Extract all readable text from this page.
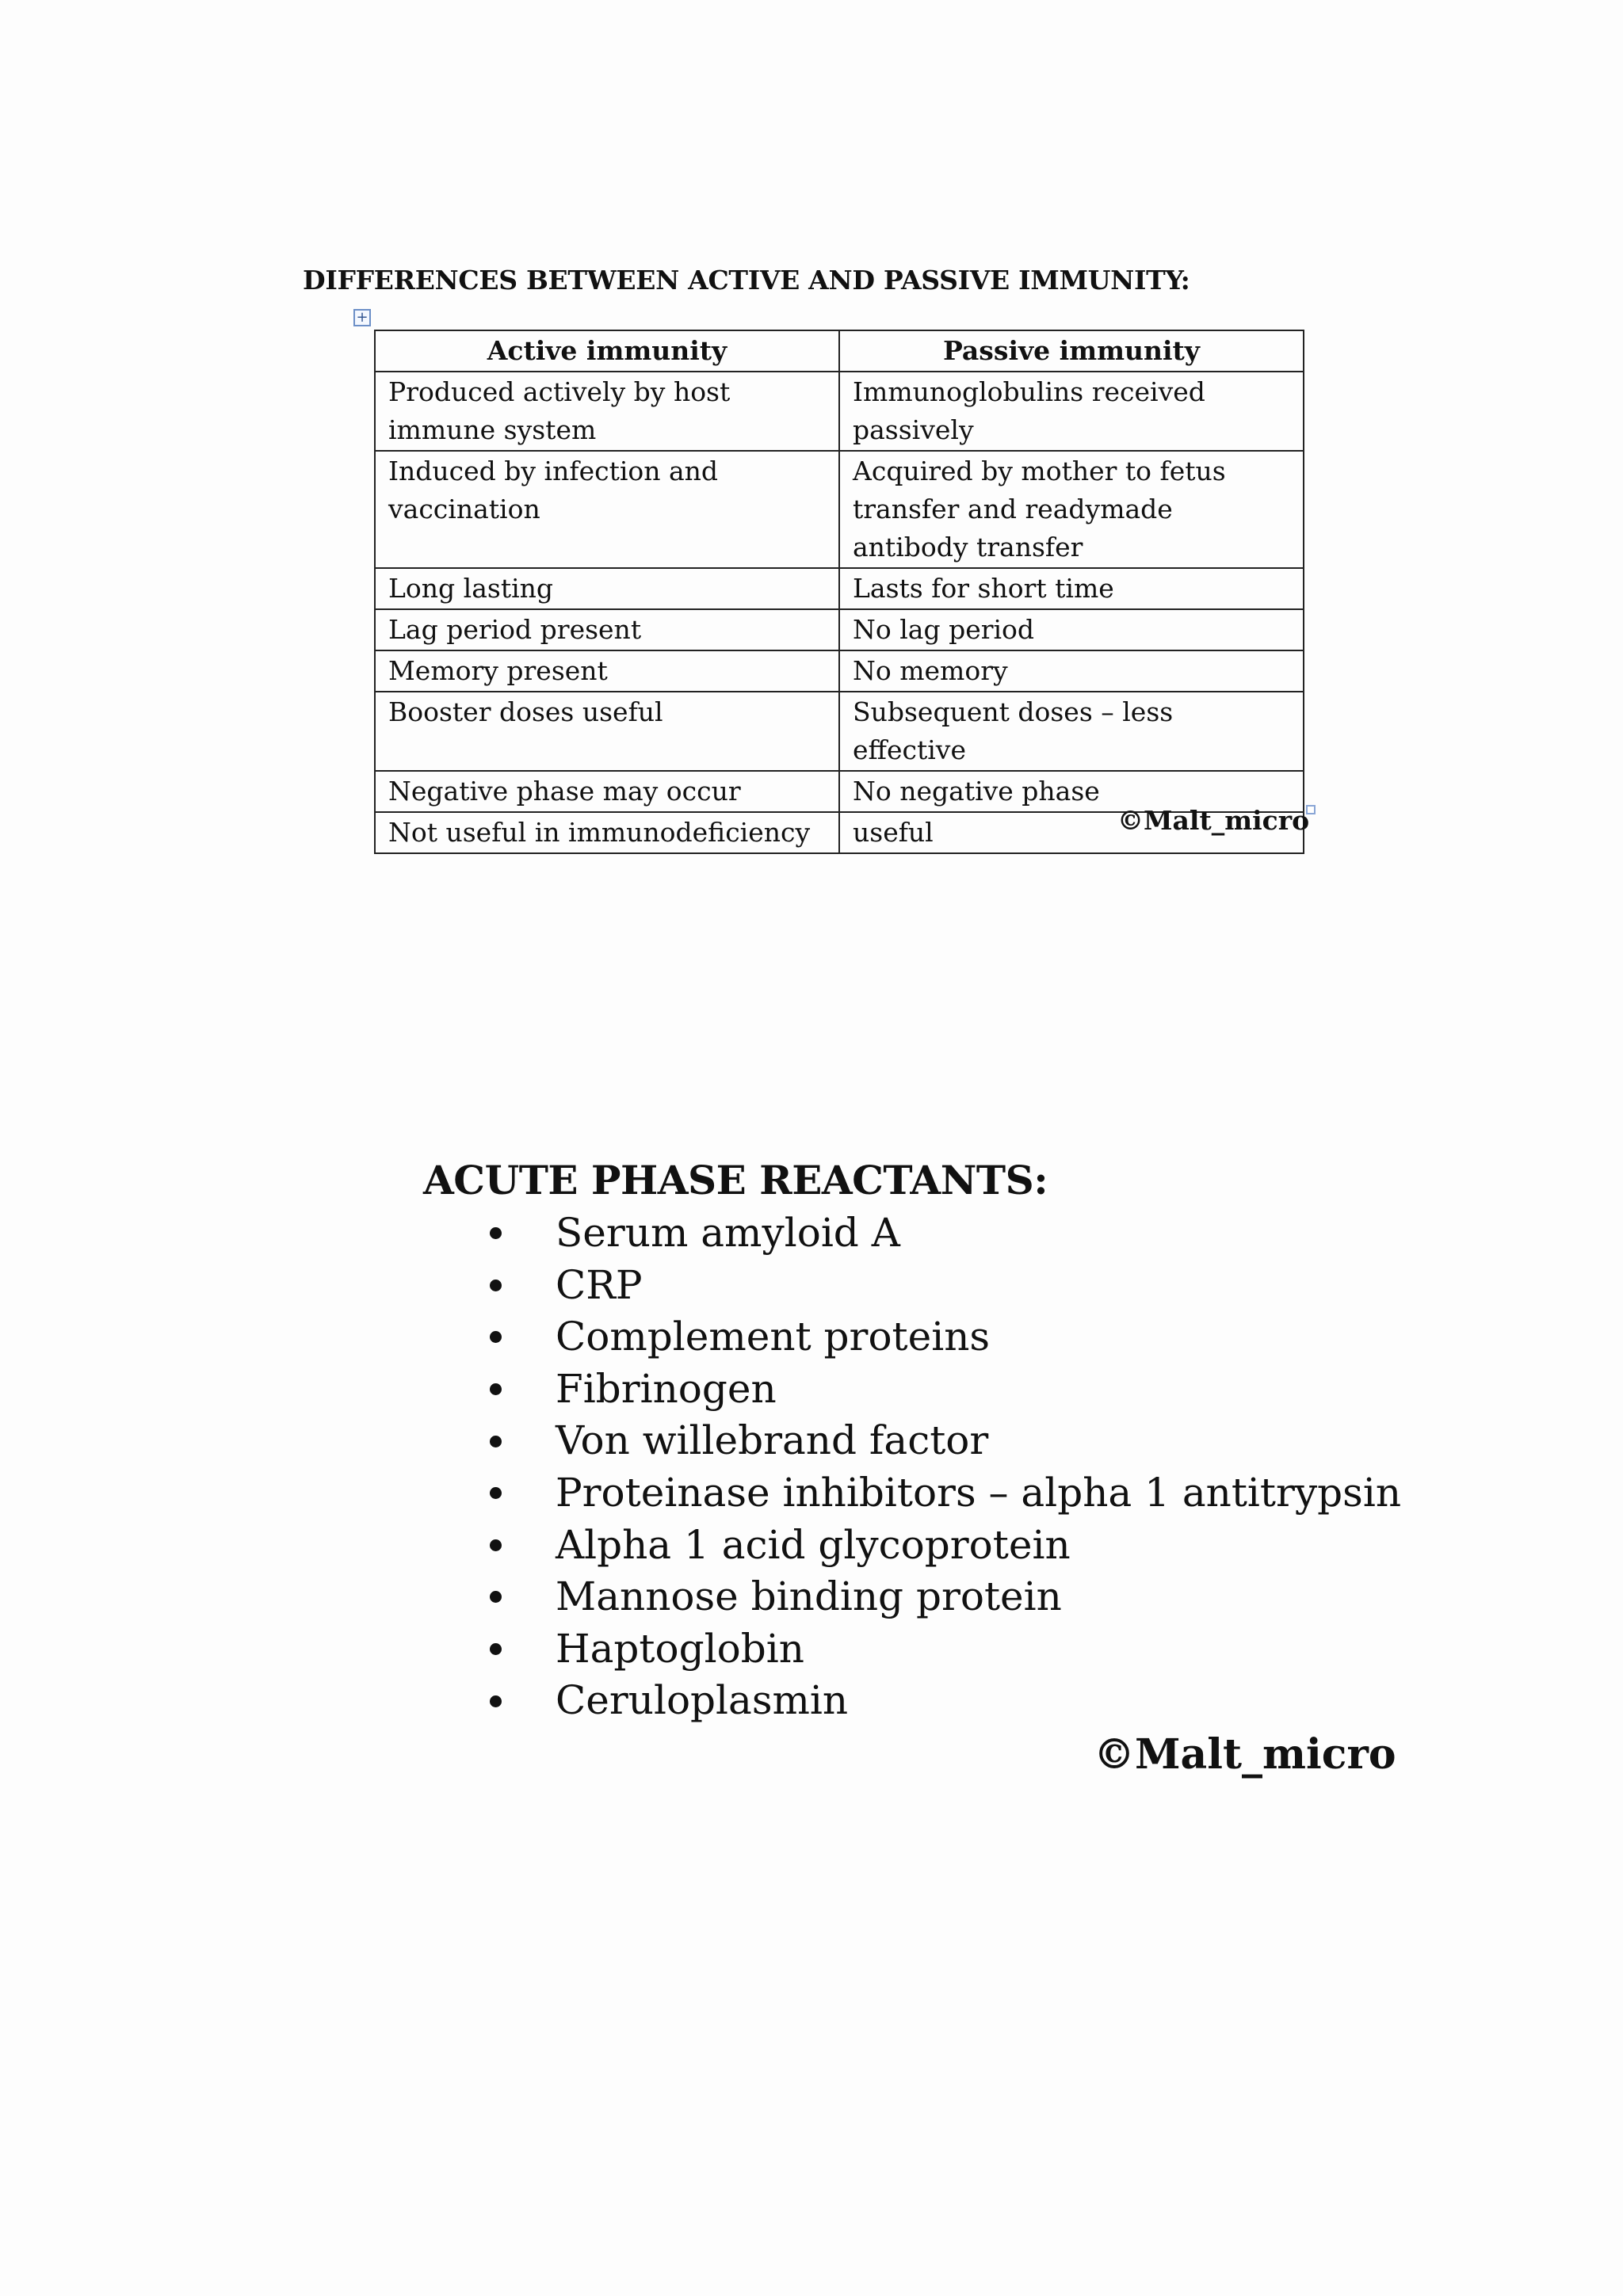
DIFFERENCES BETWEEN ACTIVE AND PASSIVE IMMUNITY:
+
Active immunity	Passive immunity
Produced actively by host immune system	Immunoglobulins received passively
Induced by infection and vaccination	Acquired by mother to fetus transfer and readymade antibody transfer
Long lasting	Lasts for short time
Lag period present	No lag period
Memory present	No memory
Booster doses useful	Subsequent doses – less effective
Negative phase may occur	No negative phase
Not useful in immunodeficiency	useful	©Malt_micro

ACUTE PHASE REACTANTS:
Serum amyloid A
CRP
Complement proteins
Fibrinogen
Von willebrand factor
Proteinase inhibitors – alpha 1 antitrypsin
Alpha 1 acid glycoprotein
Mannose binding protein
Haptoglobin
Ceruloplasmin

©Malt_micro
